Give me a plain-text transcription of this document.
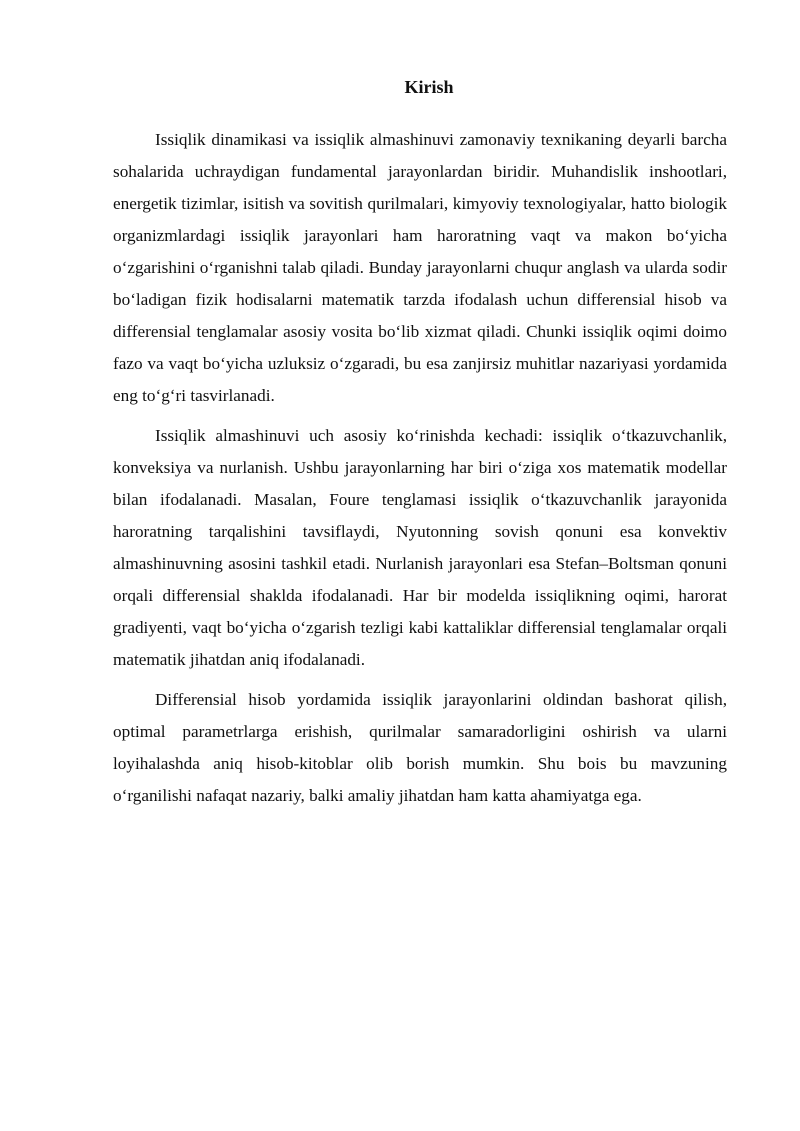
Kirish

Issiqlik dinamikasi va issiqlik almashinuvi zamonaviy texnikaning deyarli barcha sohalarida uchraydigan fundamental jarayonlardan biridir. Muhandislik inshootlari, energetik tizimlar, isitish va sovitish qurilmalari, kimyoviy texnologiyalar, hatto biologik organizmlardagi issiqlik jarayonlari ham haroratning vaqt va makon bo‘yicha o‘zgarishini o‘rganishni talab qiladi. Bunday jarayonlarni chuqur anglash va ularda sodir bo‘ladigan fizik hodisalarni matematik tarzda ifodalash uchun differensial hisob va differensial tenglamalar asosiy vosita bo‘lib xizmat qiladi. Chunki issiqlik oqimi doimo fazo va vaqt bo‘yicha uzluksiz o‘zgaradi, bu esa zanjirsiz muhitlar nazariyasi yordamida eng to‘g‘ri tasvirlanadi.

Issiqlik almashinuvi uch asosiy ko‘rinishda kechadi: issiqlik o‘tkazuvchanlik, konveksiya va nurlanish. Ushbu jarayonlarning har biri o‘ziga xos matematik modellar bilan ifodalanadi. Masalan, Foure tenglamasi issiqlik o‘tkazuvchanlik jarayonida haroratning tarqalishini tavsiflaydi, Nyutonning sovish qonuni esa konvektiv almashinuvning asosini tashkil etadi. Nurlanish jarayonlari esa Stefan–Boltsman qonuni orqali differensial shaklda ifodalanadi. Har bir modelda issiqlikning oqimi, harorat gradiyenti, vaqt bo‘yicha o‘zgarish tezligi kabi kattaliklar differensial tenglamalar orqali matematik jihatdan aniq ifodalanadi.

Differensial hisob yordamida issiqlik jarayonlarini oldindan bashorat qilish, optimal parametrlarga erishish, qurilmalar samaradorligini oshirish va ularni loyihalashda aniq hisob-kitoblar olib borish mumkin. Shu bois bu mavzuning o‘rganilishi nafaqat nazariy, balki amaliy jihatdan ham katta ahamiyatga ega.
